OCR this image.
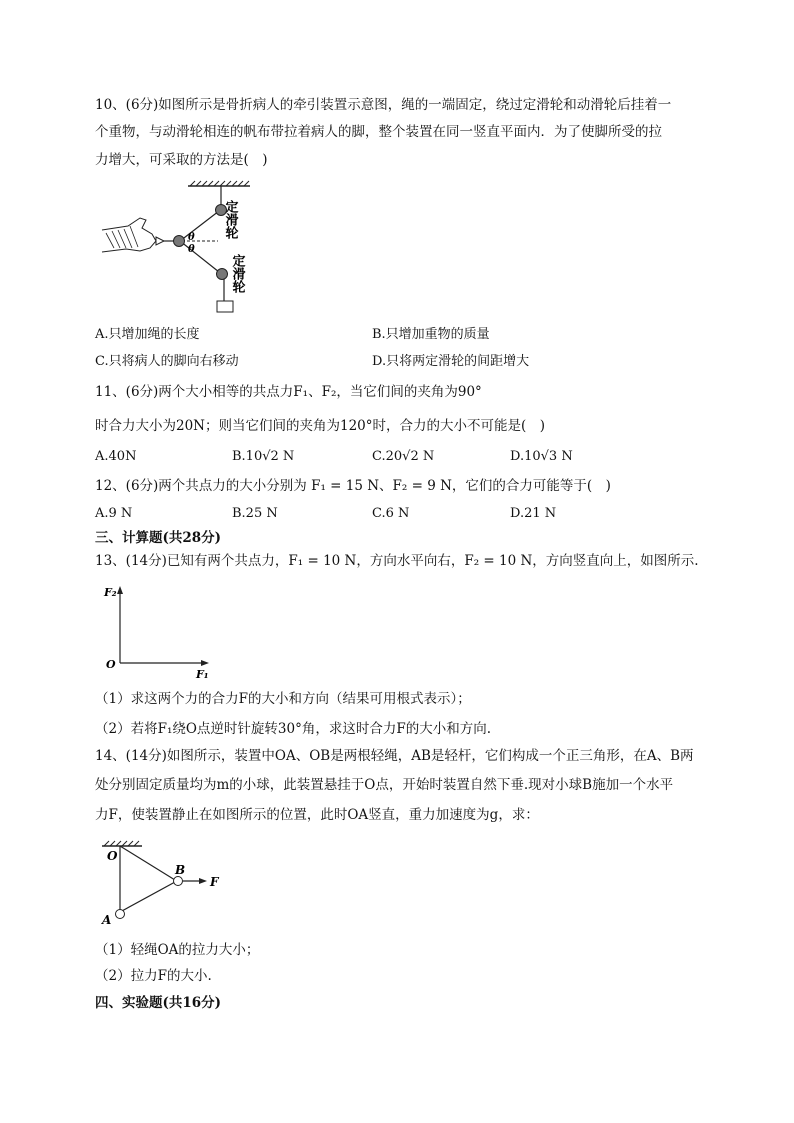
10、(6分)如图所示是骨折病人的牵引装置示意图，绳的一端固定，绕过定滑轮和动滑轮后挂着一
个重物，与动滑轮相连的帆布带拉着病人的脚，整个装置在同一竖直平面内．为了使脚所受的拉
力增大，可采取的方法是(　)
θ
θ
定滑轮
定滑轮
A.只增加绳的长度	B.只增加重物的质量
C.只将病人的脚向右移动	D.只将两定滑轮的间距增大
11、(6分)两个大小相等的共点力F₁、F₂，当它们间的夹角为90°
时合力大小为20N；则当它们间的夹角为120°时，合力的大小不可能是(　)
A.40N	B.10√2 N	C.20√2 N	D.10√3 N
12、(6分)两个共点力的大小分别为 F₁ = 15 N、F₂ = 9 N，它们的合力可能等于(　)
A.9 N	B.25 N	C.6 N	D.21 N
三、计算题(共28分)
13、(14分)已知有两个共点力，F₁ = 10 N，方向水平向右，F₂ = 10 N，方向竖直向上，如图所示.
F₂
F₁
O
（1）求这两个力的合力F的大小和方向（结果可用根式表示）；
（2）若将F₁绕O点逆时针旋转30°角，求这时合力F的大小和方向.
14、(14分)如图所示，装置中OA、OB是两根轻绳，AB是轻杆，它们构成一个正三角形，在A、B两
处分别固定质量均为m的小球，此装置悬挂于O点，开始时装置自然下垂.现对小球B施加一个水平
力F，使装置静止在如图所示的位置，此时OA竖直，重力加速度为g，求：
O
A
B
F
（1）轻绳OA的拉力大小；
（2）拉力F的大小.
四、实验题(共16分)
